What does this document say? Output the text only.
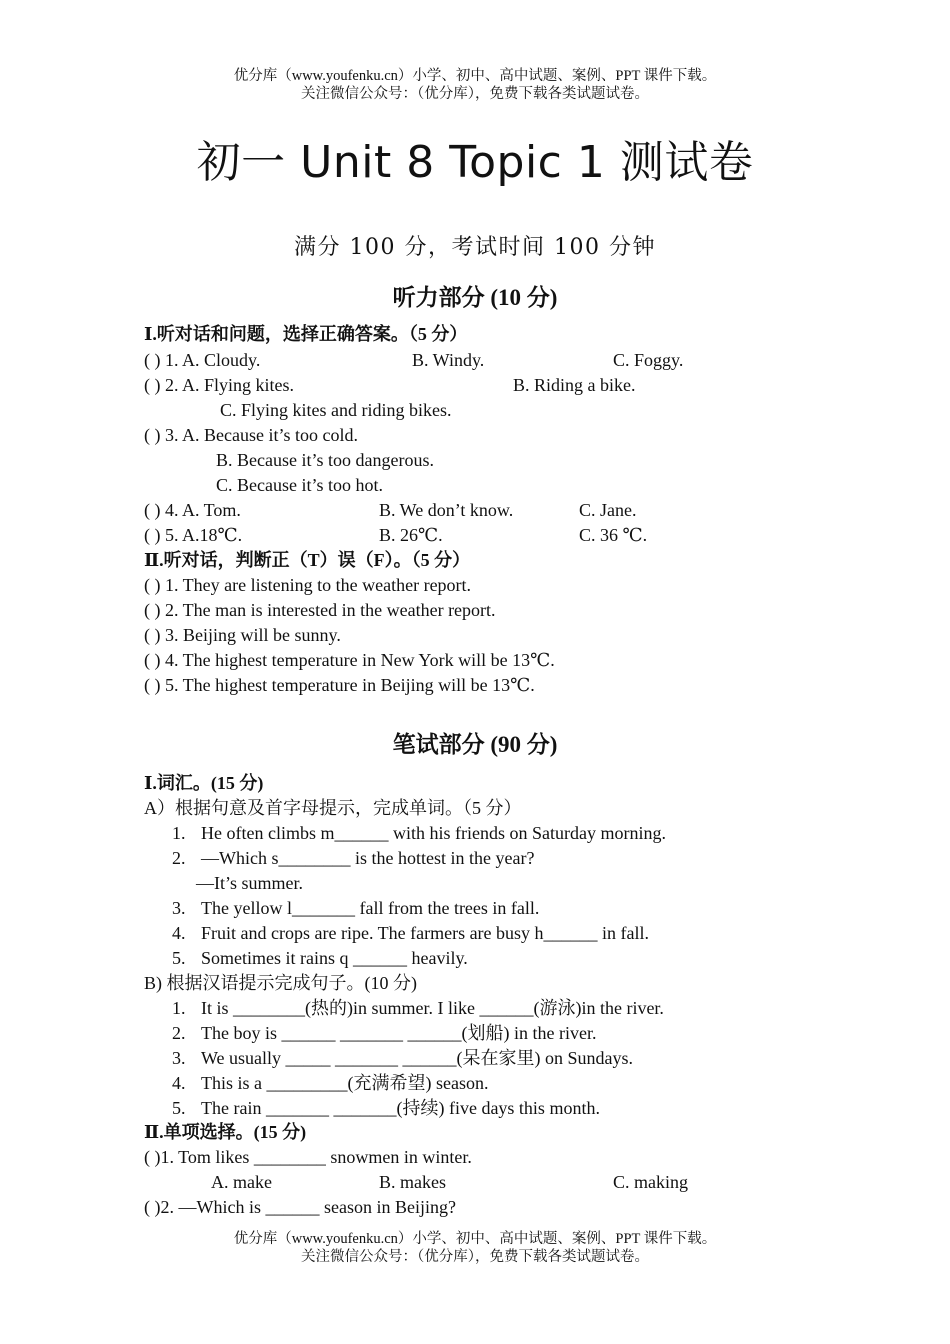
优分库（www.youfenku.cn）小学、初中、高中试题、案例、PPT 课件下载。
关注微信公众号：（优分库），免费下载各类试题试卷。
初一 Unit 8 Topic 1 测试卷
满分 100 分，考试时间 100 分钟
听力部分 (10 分)
Ⅰ.听对话和问题，选择正确答案。（5 分）
( ) 1. A. Cloudy.	B. Windy.	C. Foggy.
( ) 2. A. Flying kites.	B. Riding a bike.
C. Flying kites and riding bikes.
( ) 3. A. Because it’s too cold.
B. Because it’s too dangerous.
C. Because it’s too hot.
( ) 4. A. Tom.	B. We don’t know.	C. Jane.
( ) 5. A.18℃.	B. 26℃.	C. 36 ℃.
Ⅱ.听对话，判断正（T）误（F）。（5 分）
( ) 1. They are listening to the weather report.
( ) 2. The man is interested in the weather report.
( ) 3. Beijing will be sunny.
( ) 4. The highest temperature in New York will be 13℃.
( ) 5. The highest temperature in Beijing will be 13℃.
笔试部分 (90 分)
Ⅰ.词汇。(15 分)
A）根据句意及首字母提示，完成单词。（5 分）
1. He often climbs m______ with his friends on Saturday morning.
2. —Which s________ is the hottest in the year?
—It’s summer.
3. The yellow l_______ fall from the trees in fall.
4. Fruit and crops are ripe. The farmers are busy h______ in fall.
5. Sometimes it rains q ______ heavily.
B) 根据汉语提示完成句子。(10 分)
1. It is ________(热的)in summer. I like ______(游泳)in the river.
2. The boy is ______ _______ ______(划船) in the river.
3. We usually _____ _______ ______(呆在家里) on Sundays.
4. This is a _________(充满希望) season.
5. The rain _______ _______(持续) five days this month.
Ⅱ.单项选择。(15 分)
( )1. Tom likes ________ snowmen in winter.
A. make	B. makes	C. making
( )2. —Which is ______ season in Beijing?
优分库（www.youfenku.cn）小学、初中、高中试题、案例、PPT 课件下载。
关注微信公众号：（优分库），免费下载各类试题试卷。
